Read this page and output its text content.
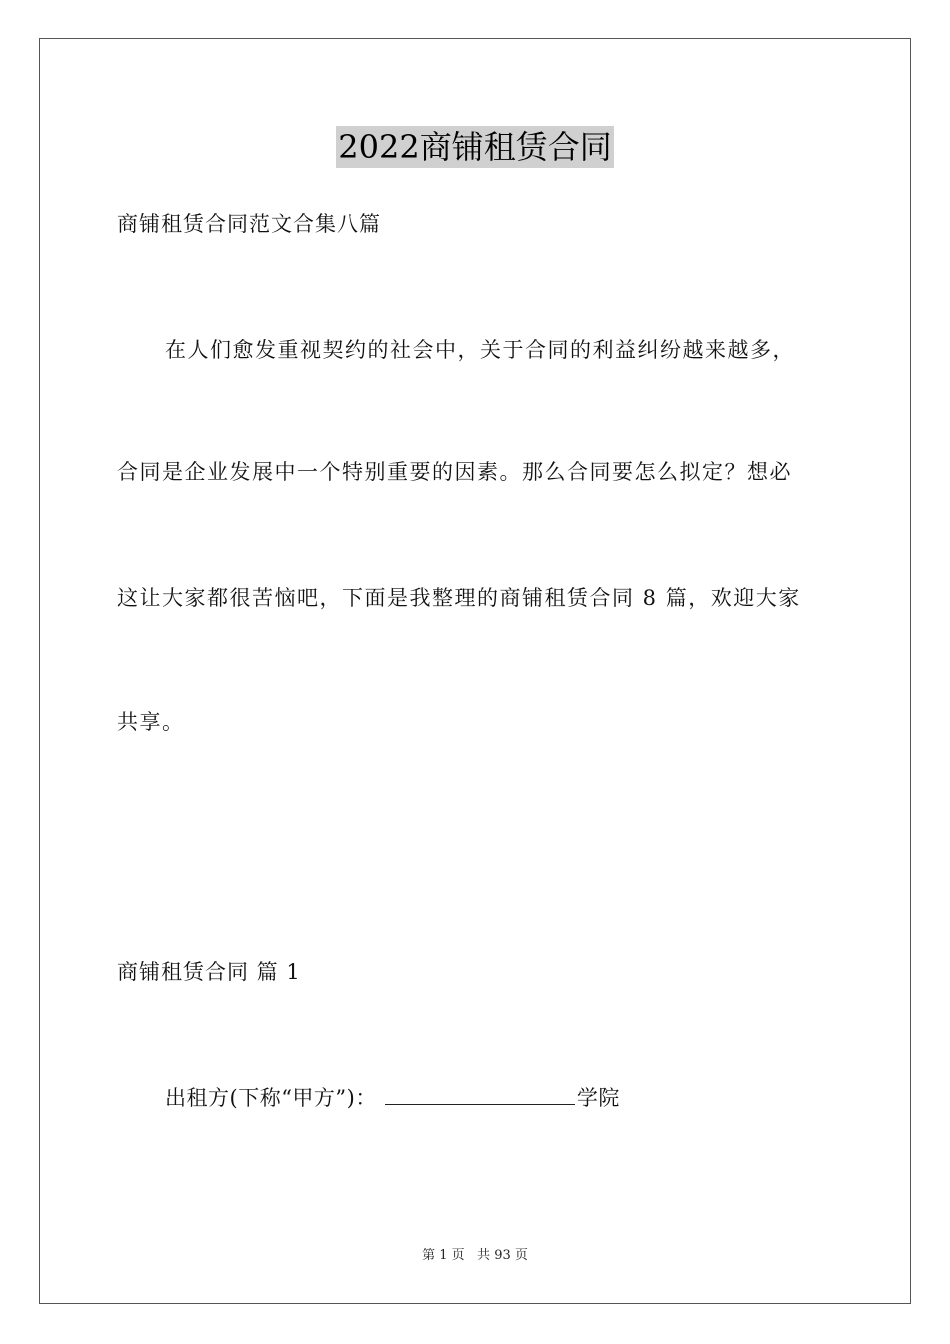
2022商铺租赁合同
商铺租赁合同范文合集八篇
在人们愈发重视契约的社会中，关于合同的利益纠纷越来越多，
合同是企业发展中一个特别重要的因素。那么合同要怎么拟定？想必
这让大家都很苦恼吧，下面是我整理的商铺租赁合同 8 篇，欢迎大家
共享。
商铺租赁合同 篇 1
出租方(下称“甲方”)：	学院
第 1 页   共 93 页
